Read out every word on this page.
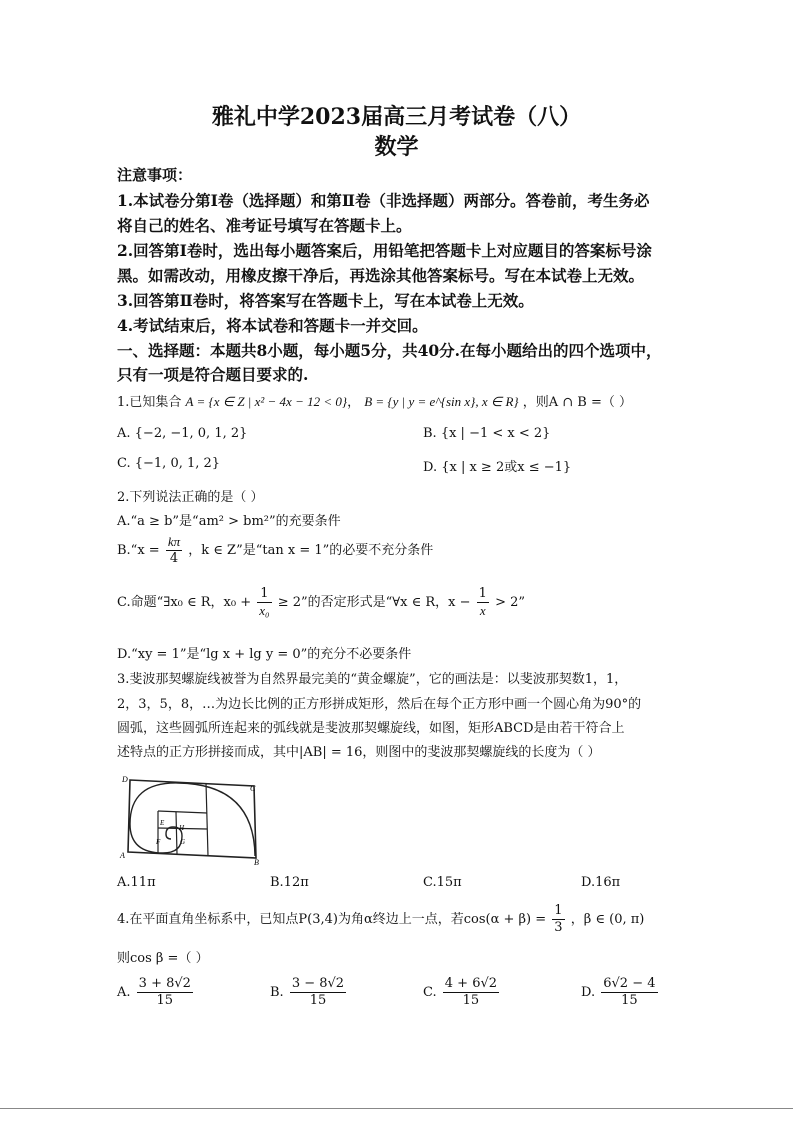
雅礼中学2023届高三月考试卷（八）
数学
注意事项：
1.本试卷分第Ⅰ卷（选择题）和第Ⅱ卷（非选择题）两部分。答卷前，考生务必
将自己的姓名、准考证号填写在答题卡上。
2.回答第Ⅰ卷时，选出每小题答案后，用铅笔把答题卡上对应题目的答案标号涂
黑。如需改动，用橡皮擦干净后，再选涂其他答案标号。写在本试卷上无效。
3.回答第Ⅱ卷时，将答案写在答题卡上，写在本试卷上无效。
4.考试结束后，将本试卷和答题卡一并交回。
一、选择题：本题共8小题，每小题5分，共40分.在每小题给出的四个选项中，
只有一项是符合题目要求的.
1.已知集合 A = {x ∈ Z | x² − 4x − 12 < 0}， B = {y | y = e^{sin x}, x ∈ R} ，则A ∩ B =（ ）
A. {−2, −1, 0, 1, 2}	B. {x | −1 < x < 2}
C. {−1, 0, 1, 2}	D. {x | x ≥ 2或x ≤ −1}
2.下列说法正确的是（ ）
A.“a ≥ b”是“am² > bm²”的充要条件
B.“x = $\frac{k\pi}{4}$ ，k ∈ Z”是“tan x = 1”的必要不充分条件
C.命题“∃x₀ ∈ R，$x_0 + \frac{1}{\text{x₀}} \ge 2$”的否定形式是“∀x ∈ R，$x - \frac{1}{x} > 2$”
D.“xy = 1”是“lg x + lg y = 0”的充分不必要条件
3.斐波那契螺旋线被誉为自然界最完美的“黄金螺旋”，它的画法是：以斐波那契数1，1，
2，3，5，8，…为边长比例的正方形拼成矩形，然后在每个正方形中画一个圆心角为90°的
圆弧，这些圆弧所连起来的弧线就是斐波那契螺旋线，如图，矩形ABCD是由若干符合上
述特点的正方形拼接而成，其中|AB| = 16，则图中的斐波那契螺旋线的长度为（ ）
D
C
A
B
E
F	G
H
A.11π	B.12π	C.15π	D.16π
4.在平面直角坐标系中，已知点P(3,4)为角α终边上一点，若$\cos(\alpha + \beta) = \frac{1}{3}$ ，β ∈ (0, π)
则cos β =（ ）
A. $\frac{3 + 8√2}{15}$	B. $\frac{3 - 8√2}{15}$	C. $\frac{4 + 6√2}{15}$	D. $\frac{6√2 - 4}{15}$
